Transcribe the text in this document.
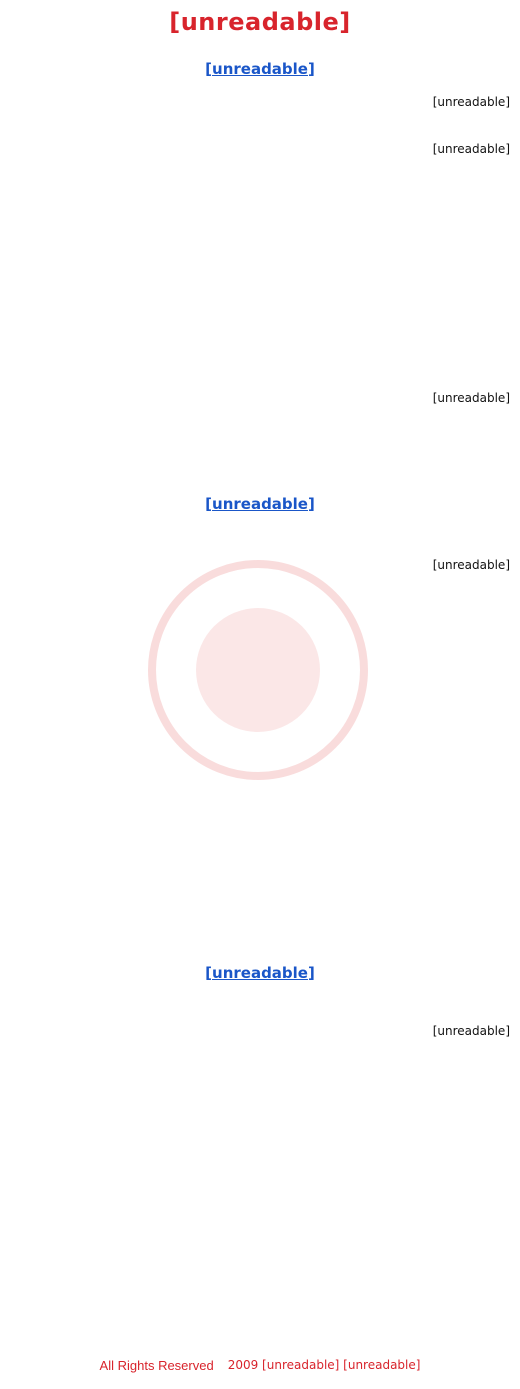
[unreadable]
[unreadable]
[unreadable]
[unreadable]
[unreadable]
[unreadable]
[unreadable]
[unreadable]
[unreadable]
All Rights Reserved [unreadable] 2009 [unreadable]
